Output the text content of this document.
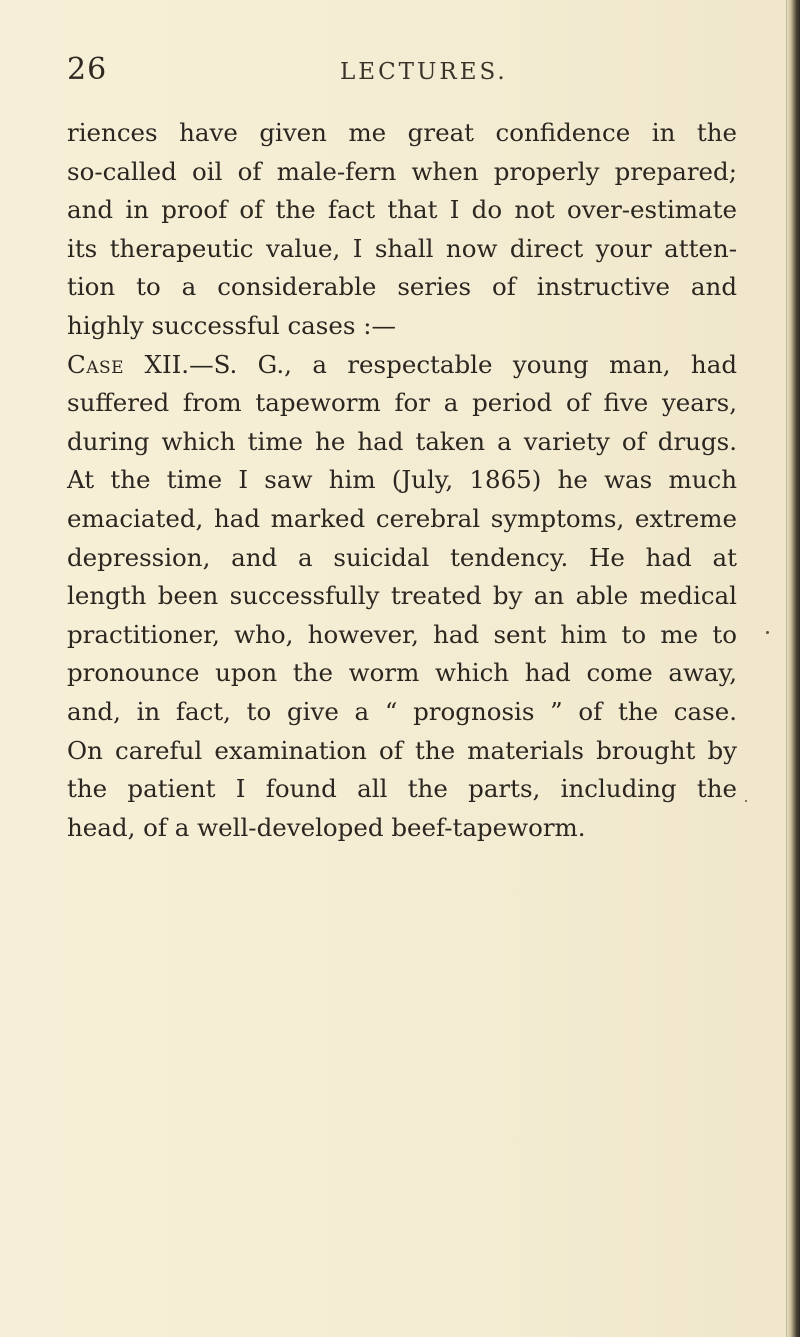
26	LECTURES.
riences have given me great confidence in the
so-called oil of male-fern when properly prepared;
and in proof of the fact that I do not over-estimate
its therapeutic value, I shall now direct your atten-
tion to a considerable series of instructive and
highly successful cases :—
Case XII.—S. G., a respectable young man, had
suffered from tapeworm for a period of five years,
during which time he had taken a variety of drugs.
At the time I saw him (July, 1865) he was much
emaciated, had marked cerebral symptoms, extreme
depression, and a suicidal tendency. He had at
length been successfully treated by an able medical
practitioner, who, however, had sent him to me to
pronounce upon the worm which had come away,
and, in fact, to give a “ prognosis ” of the case.
On careful examination of the materials brought by
the patient I found all the parts, including the
head, of a well-developed beef-tapeworm.
